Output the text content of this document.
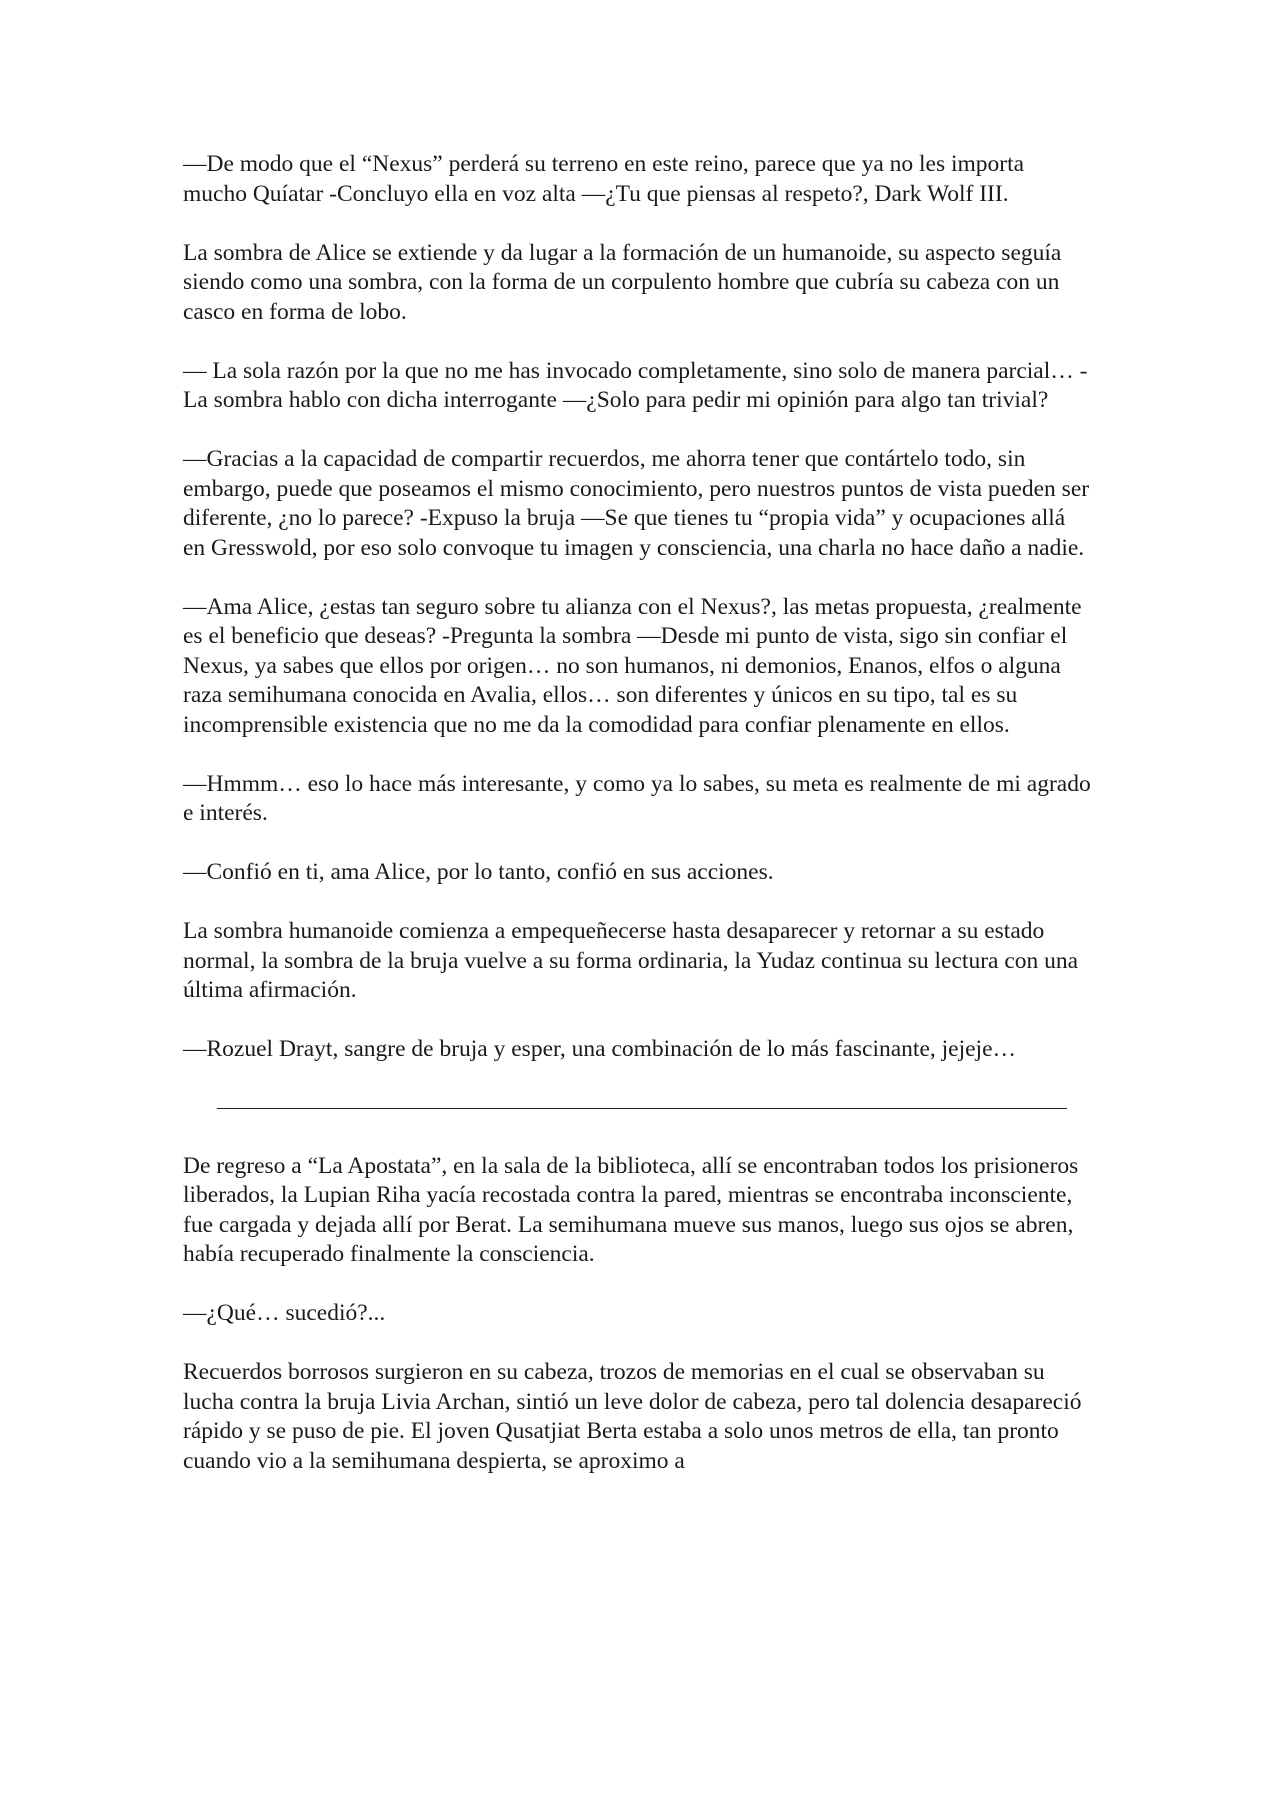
—De modo que el “Nexus” perderá su terreno en este reino, parece que ya no les importa mucho Quíatar -Concluyo ella en voz alta —¿Tu que piensas al respeto?, Dark Wolf III.

La sombra de Alice se extiende y da lugar a la formación de un humanoide, su aspecto seguía siendo como una sombra, con la forma de un corpulento hombre que cubría su cabeza con un casco en forma de lobo.

— La sola razón por la que no me has invocado completamente, sino solo de manera parcial… -La sombra hablo con dicha interrogante —¿Solo para pedir mi opinión para algo tan trivial?

—Gracias a la capacidad de compartir recuerdos, me ahorra tener que contártelo todo, sin embargo, puede que poseamos el mismo conocimiento, pero nuestros puntos de vista pueden ser diferente, ¿no lo parece? -Expuso la bruja —Se que tienes tu “propia vida” y ocupaciones allá en Gresswold, por eso solo convoque tu imagen y consciencia, una charla no hace daño a nadie.

—Ama Alice, ¿estas tan seguro sobre tu alianza con el Nexus?, las metas propuesta, ¿realmente es el beneficio que deseas? -Pregunta la sombra —Desde mi punto de vista, sigo sin confiar el Nexus, ya sabes que ellos por origen… no son humanos, ni demonios, Enanos, elfos o alguna raza semihumana conocida en Avalia, ellos… son diferentes y únicos en su tipo, tal es su incomprensible existencia que no me da la comodidad para confiar plenamente en ellos.

—Hmmm… eso lo hace más interesante, y como ya lo sabes, su meta es realmente de mi agrado e interés.

—Confió en ti, ama Alice, por lo tanto, confió en sus acciones.

La sombra humanoide comienza a empequeñecerse hasta desaparecer y retornar a su estado normal, la sombra de la bruja vuelve a su forma ordinaria, la Yudaz continua su lectura con una última afirmación.

—Rozuel Drayt, sangre de bruja y esper, una combinación de lo más fascinante, jejeje…

De regreso a “La Apostata”, en la sala de la biblioteca, allí se encontraban todos los prisioneros liberados, la Lupian Riha yacía recostada contra la pared, mientras se encontraba inconsciente, fue cargada y dejada allí por Berat. La semihumana mueve sus manos, luego sus ojos se abren, había recuperado finalmente la consciencia.

—¿Qué… sucedió?...

Recuerdos borrosos surgieron en su cabeza, trozos de memorias en el cual se observaban su lucha contra la bruja Livia Archan, sintió un leve dolor de cabeza, pero tal dolencia desapareció rápido y se puso de pie. El joven Qusatjiat Berta estaba a solo unos metros de ella, tan pronto cuando vio a la semihumana despierta, se aproximo a
